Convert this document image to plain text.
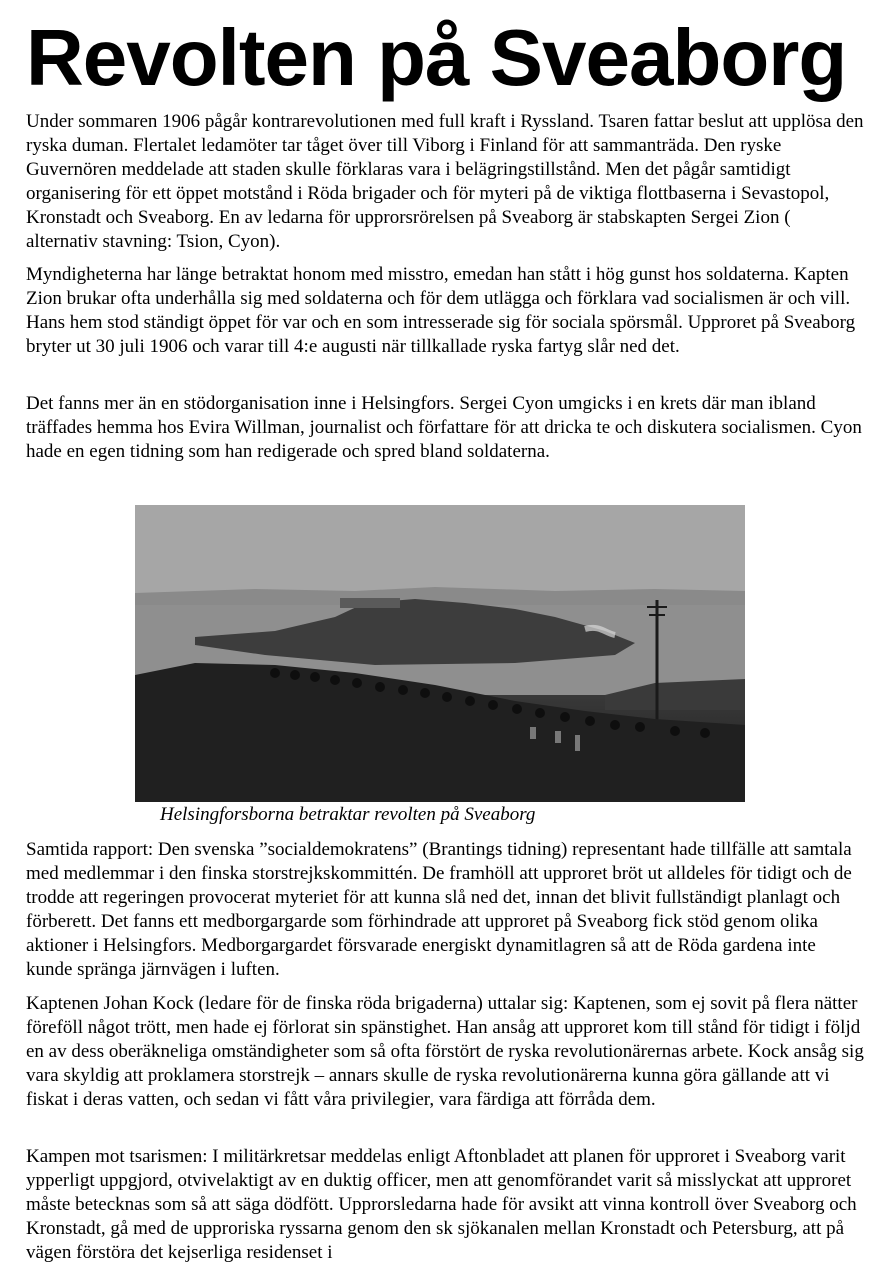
Revolten på Sveaborg

Under sommaren 1906 pågår kontrarevolutionen med full kraft i Ryssland. Tsaren fattar beslut att upplösa den ryska duman. Flertalet ledamöter tar tåget över till Viborg i Finland för att sammanträda. Den ryske Guvernören meddelade att staden skulle förklaras vara i belägringstillstånd. Men det pågår samtidigt organisering för ett öppet motstånd i Röda brigader och för myteri på de viktiga flottbaserna i Sevastopol, Kronstadt och Sveaborg. En av ledarna för upprorsrörelsen på Sveaborg är stabskapten Sergei Zion ( alternativ stavning: Tsion, Cyon).

Myndigheterna har länge betraktat honom med misstro, emedan han stått i hög gunst hos soldaterna. Kapten Zion brukar ofta underhålla sig med soldaterna och för dem utlägga och förklara vad socialismen är och vill. Hans hem stod ständigt öppet för var och en som intresserade sig för sociala spörsmål. Upproret på Sveaborg bryter ut 30 juli 1906 och varar till 4:e augusti när tillkallade ryska fartyg slår ned det.

Det fanns mer än en stödorganisation inne i Helsingfors. Sergei Cyon umgicks i en krets där man ibland träffades hemma hos Evira Willman, journalist och författare för att dricka te och diskutera socialismen. Cyon hade en egen tidning som han redigerade och spred bland soldaterna.

Helsingforsborna betraktar revolten på Sveaborg

Samtida rapport: Den svenska ”socialdemokratens” (Brantings tidning) representant hade tillfälle att samtala med medlemmar i den finska storstrejkskommittén. De framhöll att upproret bröt ut alldeles för tidigt och de trodde att regeringen provocerat myteriet för att kunna slå ned det, innan det blivit fullständigt planlagt och förberett. Det fanns ett medborgargarde som förhindrade att upproret på Sveaborg fick stöd genom olika aktioner i Helsingfors. Medborgargardet försvarade energiskt dynamitlagren så att de Röda gardena inte kunde spränga järnvägen i luften.

Kaptenen Johan Kock (ledare för de finska röda brigaderna) uttalar sig: Kaptenen, som ej sovit på flera nätter föreföll något trött, men hade ej förlorat sin spänstighet. Han ansåg att upproret kom till stånd för tidigt i följd en av dess oberäkneliga omständigheter som så ofta förstört de ryska revolutionärernas arbete. Kock ansåg sig vara skyldig att proklamera storstrejk – annars skulle de ryska revolutionärerna kunna göra gällande att vi fiskat i deras vatten, och sedan vi fått våra privilegier, vara färdiga att förråda dem.

Kampen mot tsarismen: I militärkretsar meddelas enligt Aftonbladet att planen för upproret i Sveaborg varit ypperligt uppgjord, otvivelaktigt av en duktig officer, men att genomförandet varit så misslyckat att upproret måste betecknas som så att säga dödfött. Upprorsledarna hade för avsikt att vinna kontroll över Sveaborg och Kronstadt, gå med de upproriska ryssarna genom den sk sjökanalen mellan Kronstadt och Petersburg, att på vägen förstöra det kejserliga residenset i
